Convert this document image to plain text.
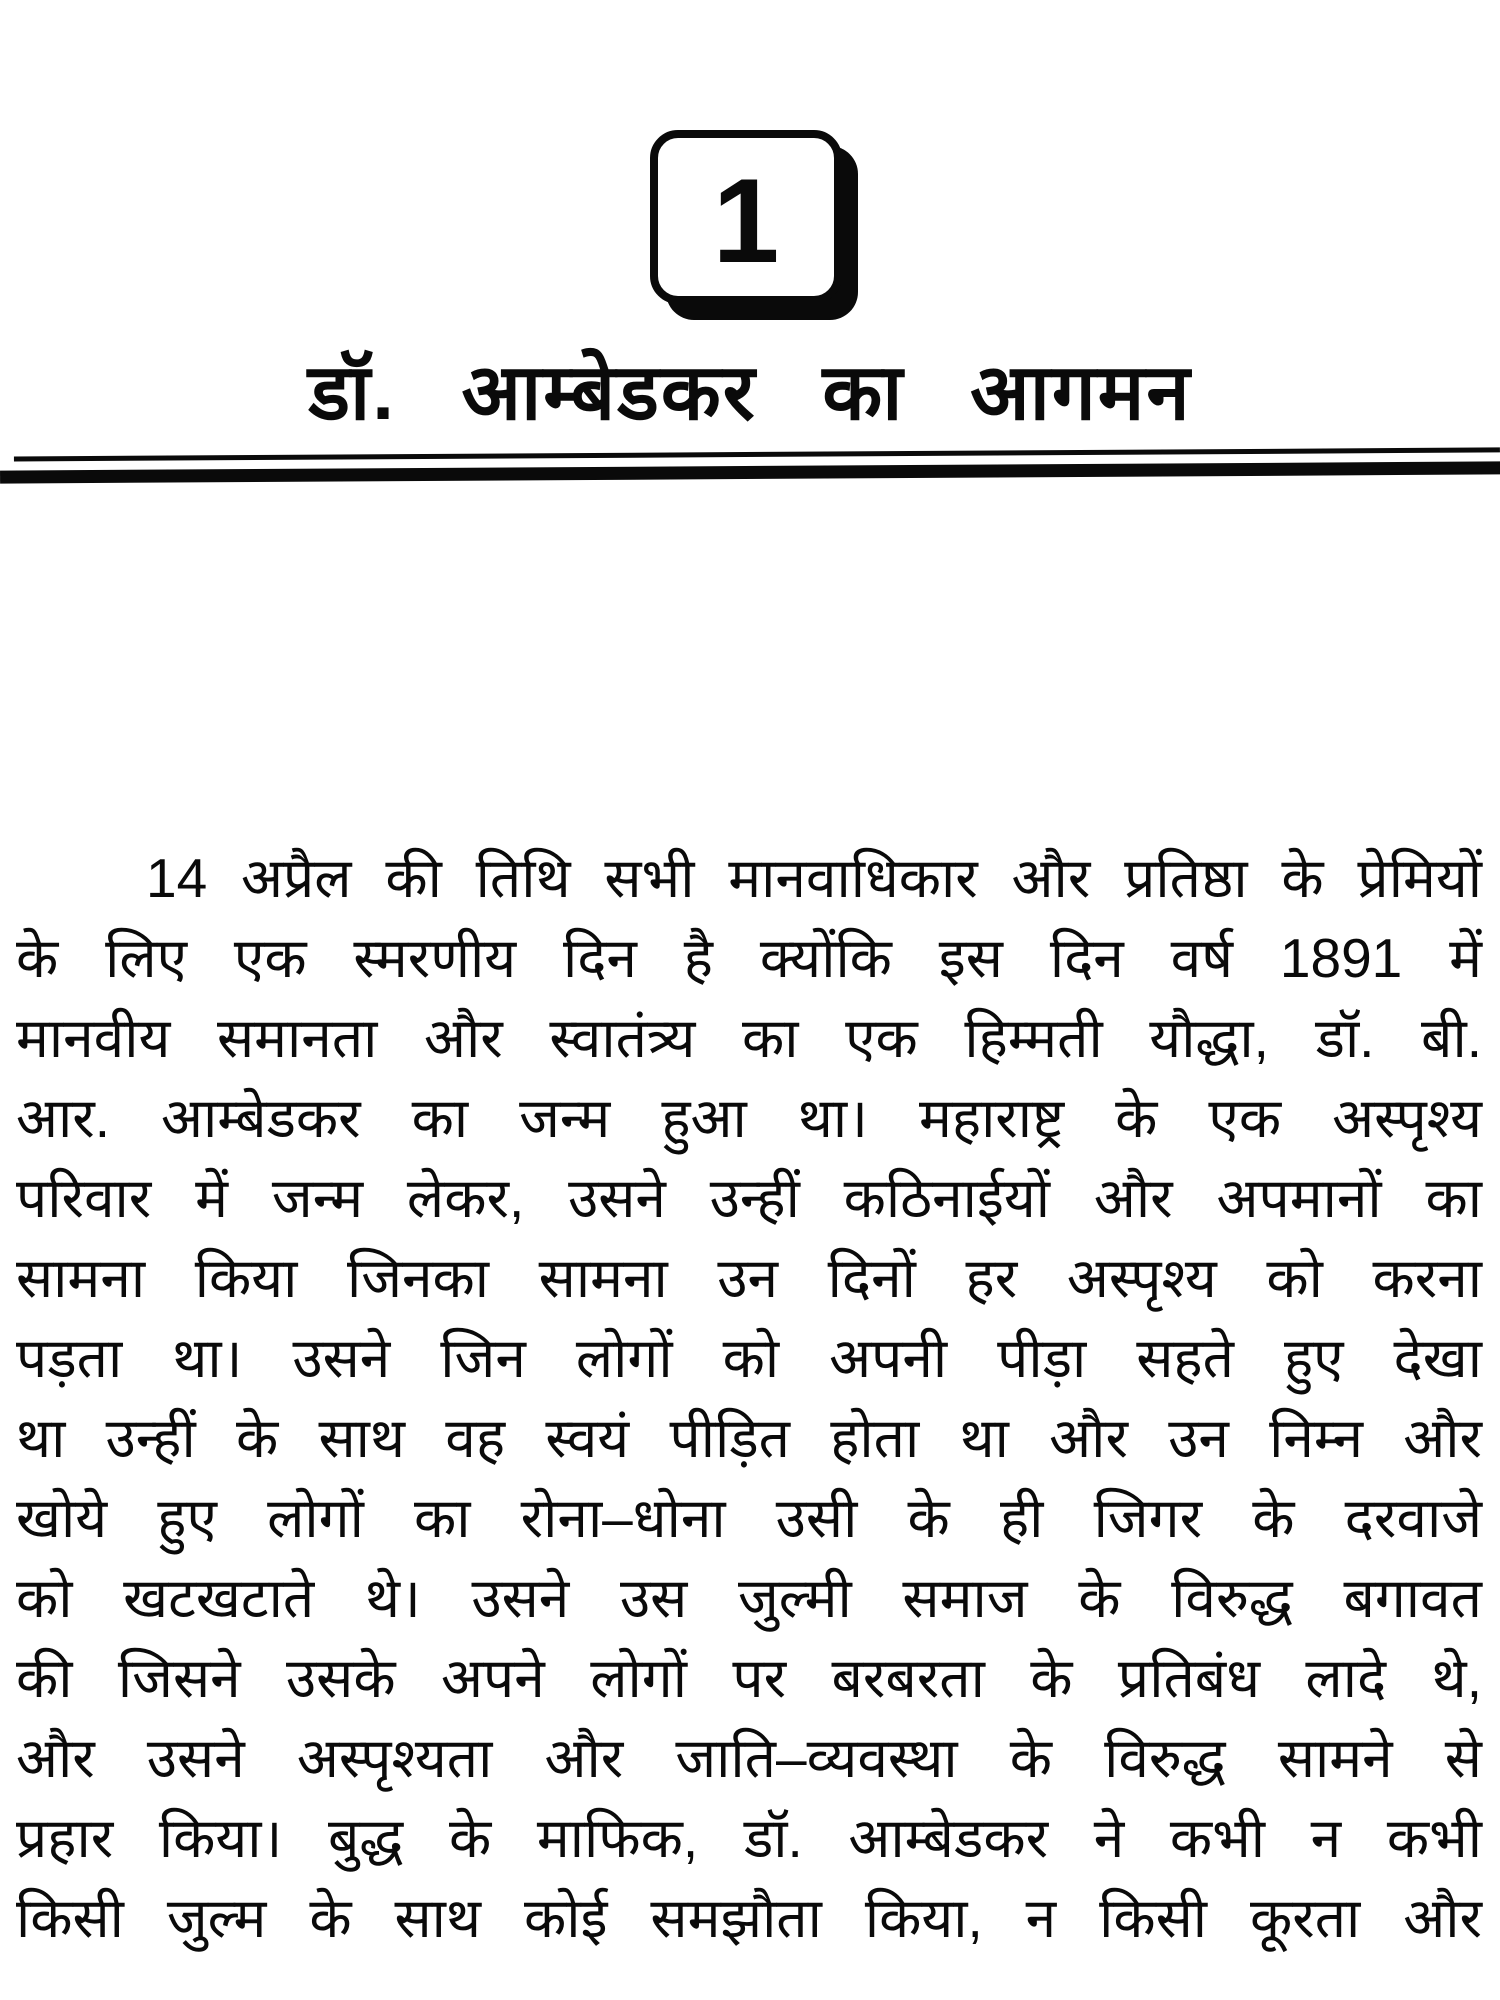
1
डॉ. आम्बेडकर का आगमन
14 अप्रैल की तिथि सभी मानवाधिकार और प्रतिष्ठा के प्रेमियों
के लिए एक स्मरणीय दिन है क्योंकि इस दिन वर्ष 1891 में
मानवीय समानता और स्वातंत्र्य का एक हिम्मती यौद्धा, डॉ. बी.
आर. आम्बेडकर का जन्म हुआ था। महाराष्ट्र के एक अस्पृश्य
परिवार में जन्म लेकर, उसने उन्हीं कठिनाईयों और अपमानों का
सामना किया जिनका सामना उन दिनों हर अस्पृश्य को करना
पड़ता था। उसने जिन लोगों को अपनी पीड़ा सहते हुए देखा
था उन्हीं के साथ वह स्वयं पीड़ित होता था और उन निम्न और
खोये हुए लोगों का रोना–धोना उसी के ही जिगर के दरवाजे
को खटखटाते थे। उसने उस जुल्मी समाज के विरुद्ध बगावत
की जिसने उसके अपने लोगों पर बरबरता के प्रतिबंध लादे थे,
और उसने अस्पृश्यता और जाति–व्यवस्था के विरुद्ध सामने से
प्रहार किया। बुद्ध के माफिक, डॉ. आम्बेडकर ने कभी न कभी
किसी जुल्म के साथ कोई समझौता किया, न किसी कूरता और
